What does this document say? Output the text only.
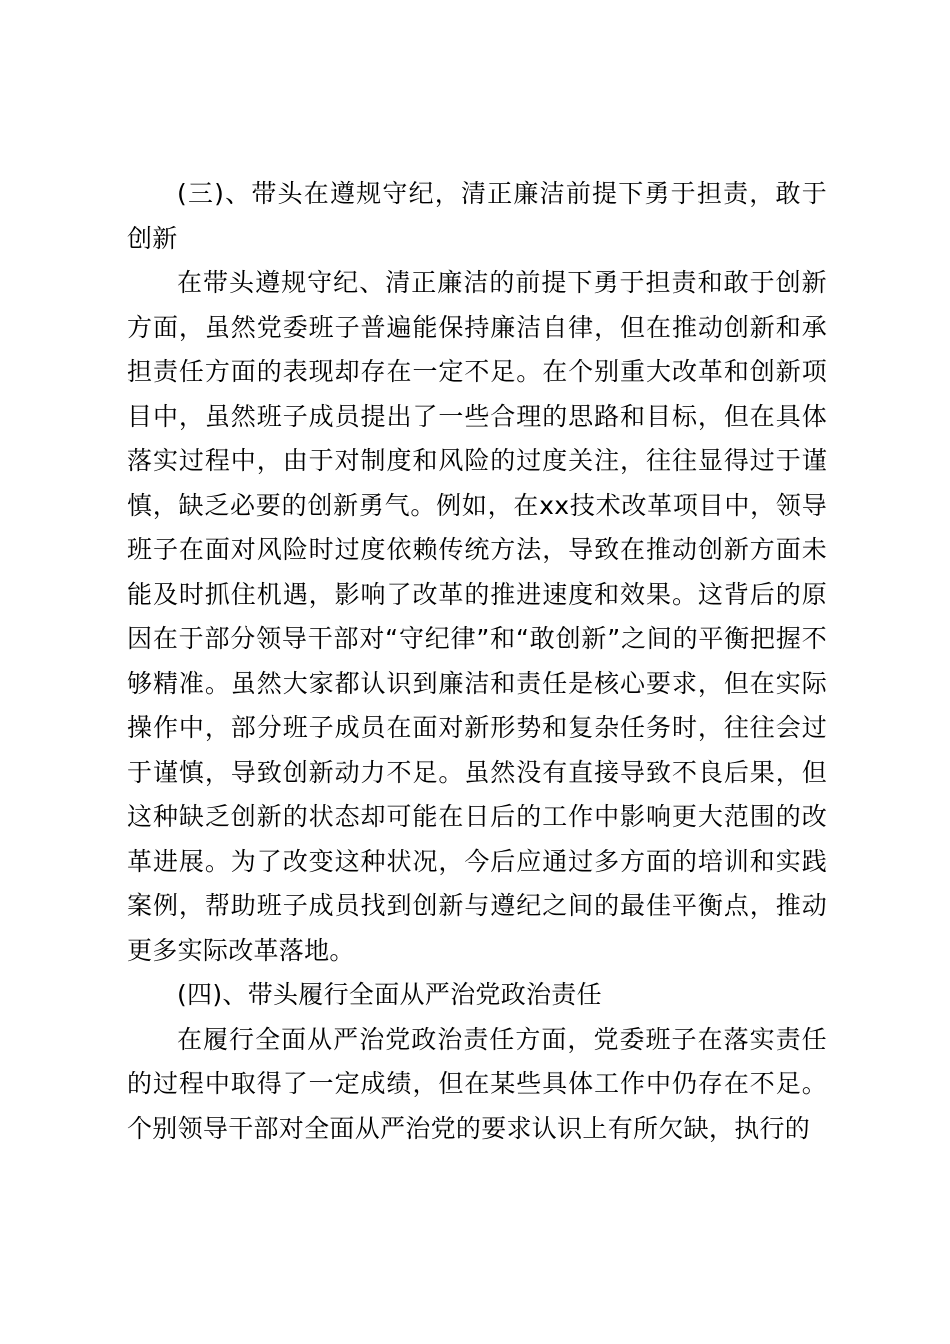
(三)、带头在遵规守纪，清正廉洁前提下勇于担责，敢于创新

在带头遵规守纪、清正廉洁的前提下勇于担责和敢于创新方面，虽然党委班子普遍能保持廉洁自律，但在推动创新和承担责任方面的表现却存在一定不足。在个别重大改革和创新项目中，虽然班子成员提出了一些合理的思路和目标，但在具体落实过程中，由于对制度和风险的过度关注，往往显得过于谨慎，缺乏必要的创新勇气。例如，在xx技术改革项目中，领导班子在面对风险时过度依赖传统方法，导致在推动创新方面未能及时抓住机遇，影响了改革的推进速度和效果。这背后的原因在于部分领导干部对“守纪律”和“敢创新”之间的平衡把握不够精准。虽然大家都认识到廉洁和责任是核心要求，但在实际操作中，部分班子成员在面对新形势和复杂任务时，往往会过于谨慎，导致创新动力不足。虽然没有直接导致不良后果，但这种缺乏创新的状态却可能在日后的工作中影响更大范围的改革进展。为了改变这种状况，今后应通过多方面的培训和实践案例，帮助班子成员找到创新与遵纪之间的最佳平衡点，推动更多实际改革落地。

(四)、带头履行全面从严治党政治责任

在履行全面从严治党政治责任方面，党委班子在落实责任的过程中取得了一定成绩，但在某些具体工作中仍存在不足。个别领导干部对全面从严治党的要求认识上有所欠缺，执行的
